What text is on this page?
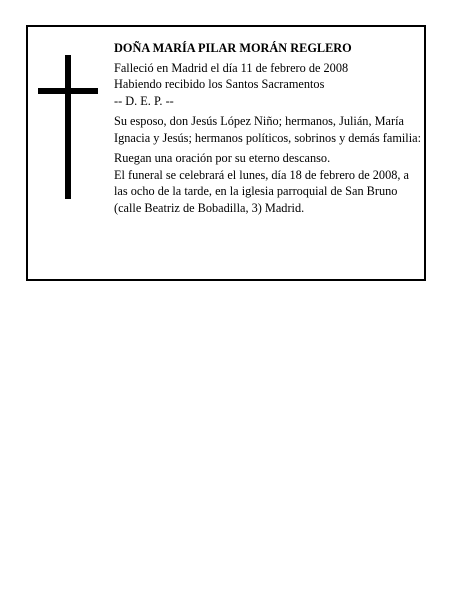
DOÑA MARÍA PILAR MORÁN REGLERO

Falleció en Madrid el día 11 de febrero de 2008

Habiendo recibido los Santos Sacramentos

-- D. E. P. --

Su esposo, don Jesús López Niño; hermanos, Julián, María Ignacia y Jesús; hermanos políticos, sobrinos y demás familia:

Ruegan una oración por su eterno descanso.

El funeral se celebrará el lunes, día 18 de febrero de 2008, a las ocho de la tarde, en la iglesia parroquial de San Bruno (calle Beatriz de Bobadilla, 3) Madrid.
